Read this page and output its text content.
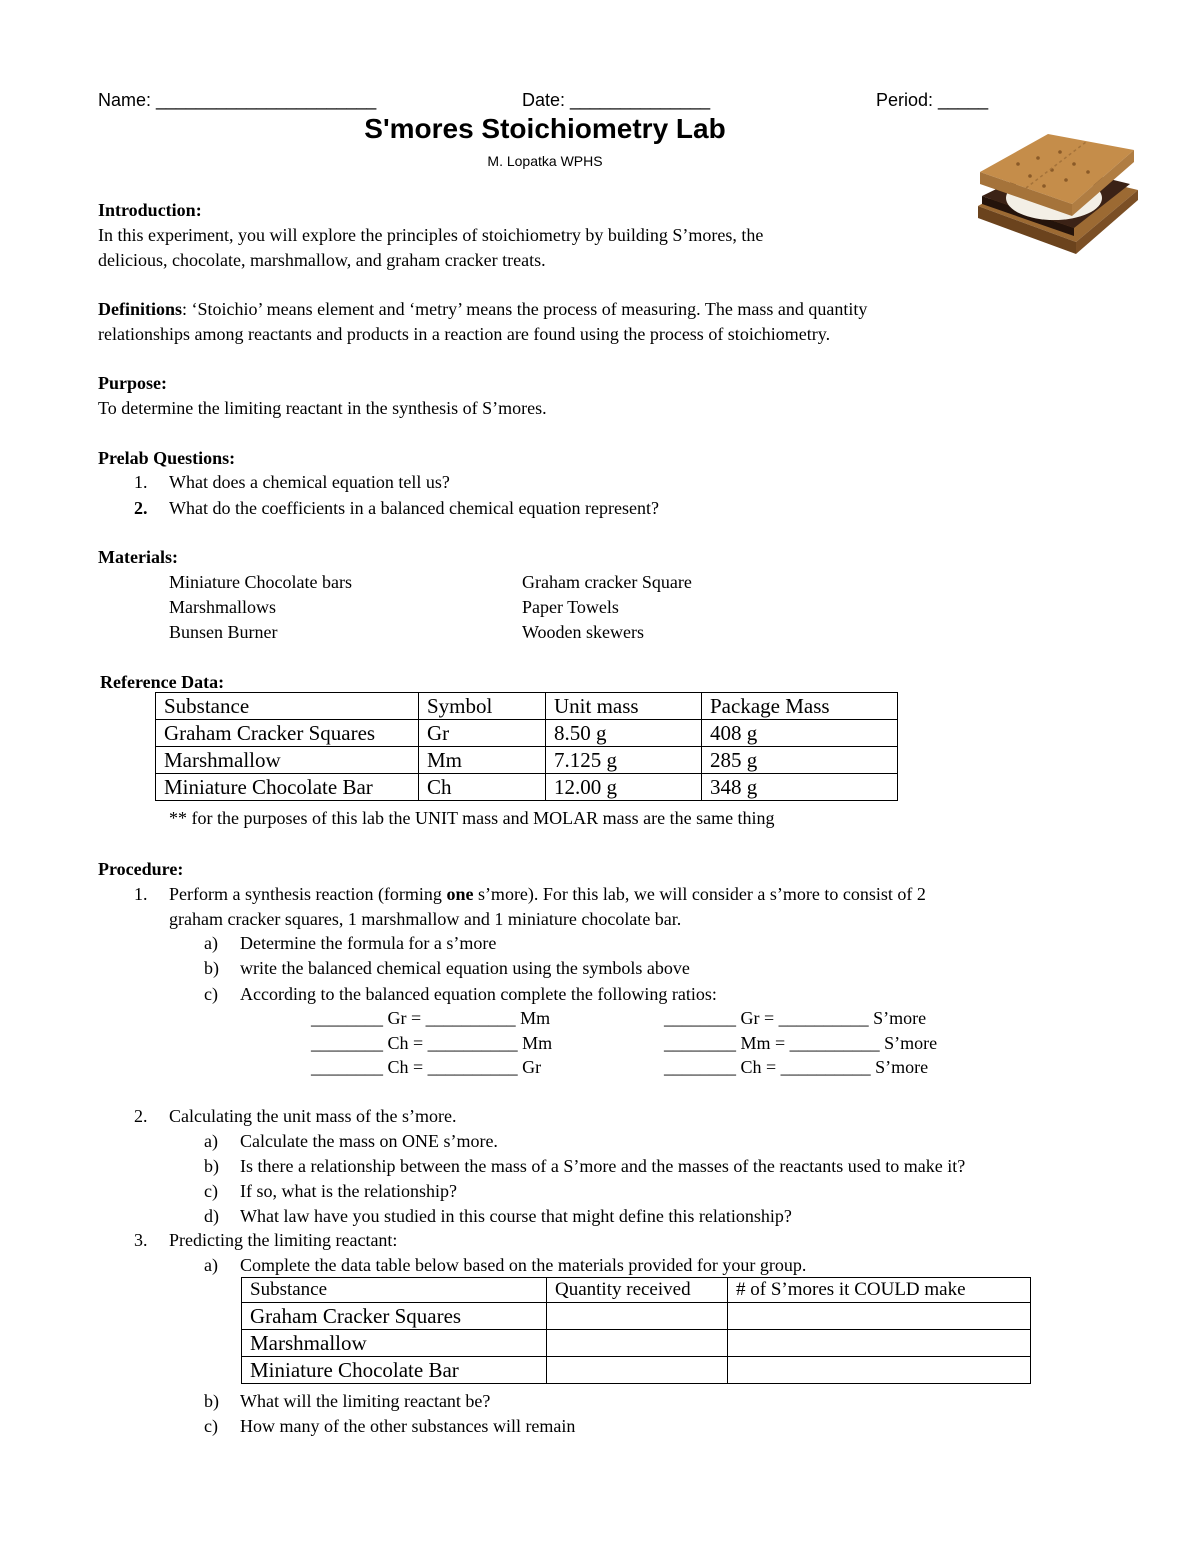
Name: ______________________	Date: ______________	Period: _____

S'mores Stoichiometry Lab

M. Lopatka WPHS

Introduction:

In this experiment, you will explore the principles of stoichiometry by building S’mores, the

delicious, chocolate, marshmallow, and graham cracker treats.

Definitions: ‘Stoichio’ means element and ‘metry’ means the process of measuring. The mass and quantity

relationships among reactants and products in a reaction are found using the process of stoichiometry.

Purpose:

To determine the limiting reactant in the synthesis of S’mores.

Prelab Questions:

1. What does a chemical equation tell us?

2. What do the coefficients in a balanced chemical equation represent?

Materials:

Miniature Chocolate bars

Marshmallows

Bunsen Burner

Graham cracker Square

Paper Towels

Wooden skewers

Reference Data:

Substance	Symbol	Unit mass	Package Mass
Graham Cracker Squares	Gr	8.50 g	408 g
Marshmallow	Mm	7.125 g	285 g
Miniature Chocolate Bar	Ch	12.00 g	348 g

** for the purposes of this lab the UNIT mass and MOLAR mass are the same thing

Procedure:

1. Perform a synthesis reaction (forming one s’more). For this lab, we will consider a s’more to consist of 2

graham cracker squares, 1 marshmallow and 1 miniature chocolate bar.

a) Determine the formula for a s’more

b) write the balanced chemical equation using the symbols above

c) According to the balanced equation complete the following ratios:

________ Gr = __________ Mm

________ Ch = __________ Mm

________ Ch = __________ Gr

________ Gr = __________ S’more

________ Mm = __________ S’more

________ Ch = __________ S’more

2. Calculating the unit mass of the s’more.

a) Calculate the mass on ONE s’more.

b) Is there a relationship between the mass of a S’more and the masses of the reactants used to make it?

c) If so, what is the relationship?

d) What law have you studied in this course that might define this relationship?

3. Predicting the limiting reactant:

a) Complete the data table below based on the materials provided for your group.

Substance	Quantity received	# of S’mores it COULD make
Graham Cracker Squares		
Marshmallow		
Miniature Chocolate Bar		

b) What will the limiting reactant be?

c) How many of the other substances will remain
